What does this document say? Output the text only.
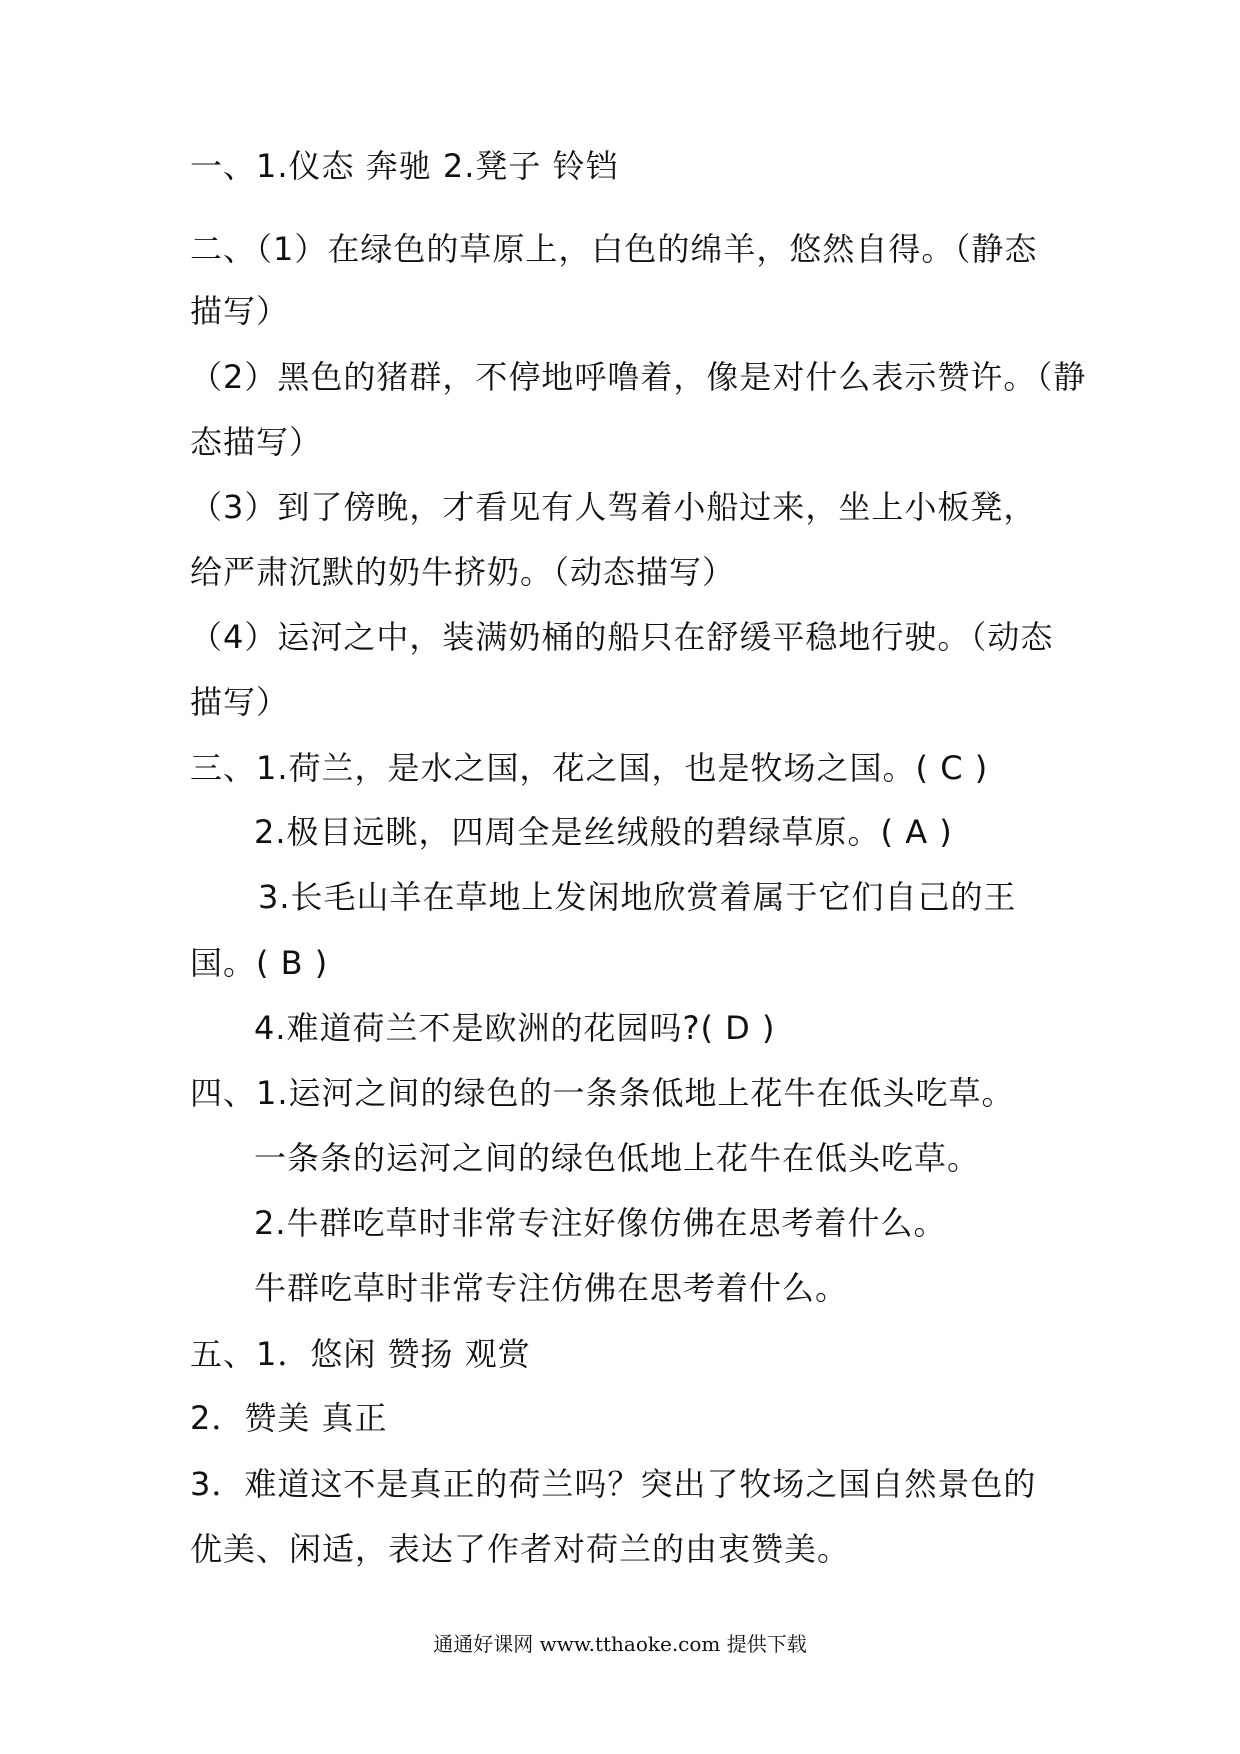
一、1.仪态 奔驰 2.凳子 铃铛
二、（1）在绿色的草原上，白色的绵羊，悠然自得。（静态
描写）
（2）黑色的猪群，不停地呼噜着，像是对什么表示赞许。（静
态描写）
（3）到了傍晚，才看见有人驾着小船过来，坐上小板凳，
给严肃沉默的奶牛挤奶。（动态描写）
（4）运河之中，装满奶桶的船只在舒缓平稳地行驶。（动态
描写）
三、1.荷兰，是水之国，花之国，也是牧场之国。( C )
2.极目远眺，四周全是丝绒般的碧绿草原。( A )
3.长毛山羊在草地上发闲地欣赏着属于它们自己的王
国。( B )
4.难道荷兰不是欧洲的花园吗?( D )
四、1.运河之间的绿色的一条条低地上花牛在低头吃草。
一条条的运河之间的绿色低地上花牛在低头吃草。
2.牛群吃草时非常专注好像仿佛在思考着什么。
牛群吃草时非常专注仿佛在思考着什么。
五、1．悠闲 赞扬 观赏
2．赞美 真正
3．难道这不是真正的荷兰吗？突出了牧场之国自然景色的
优美、闲适，表达了作者对荷兰的由衷赞美。
通通好课网 www.tthaoke.com 提供下载
